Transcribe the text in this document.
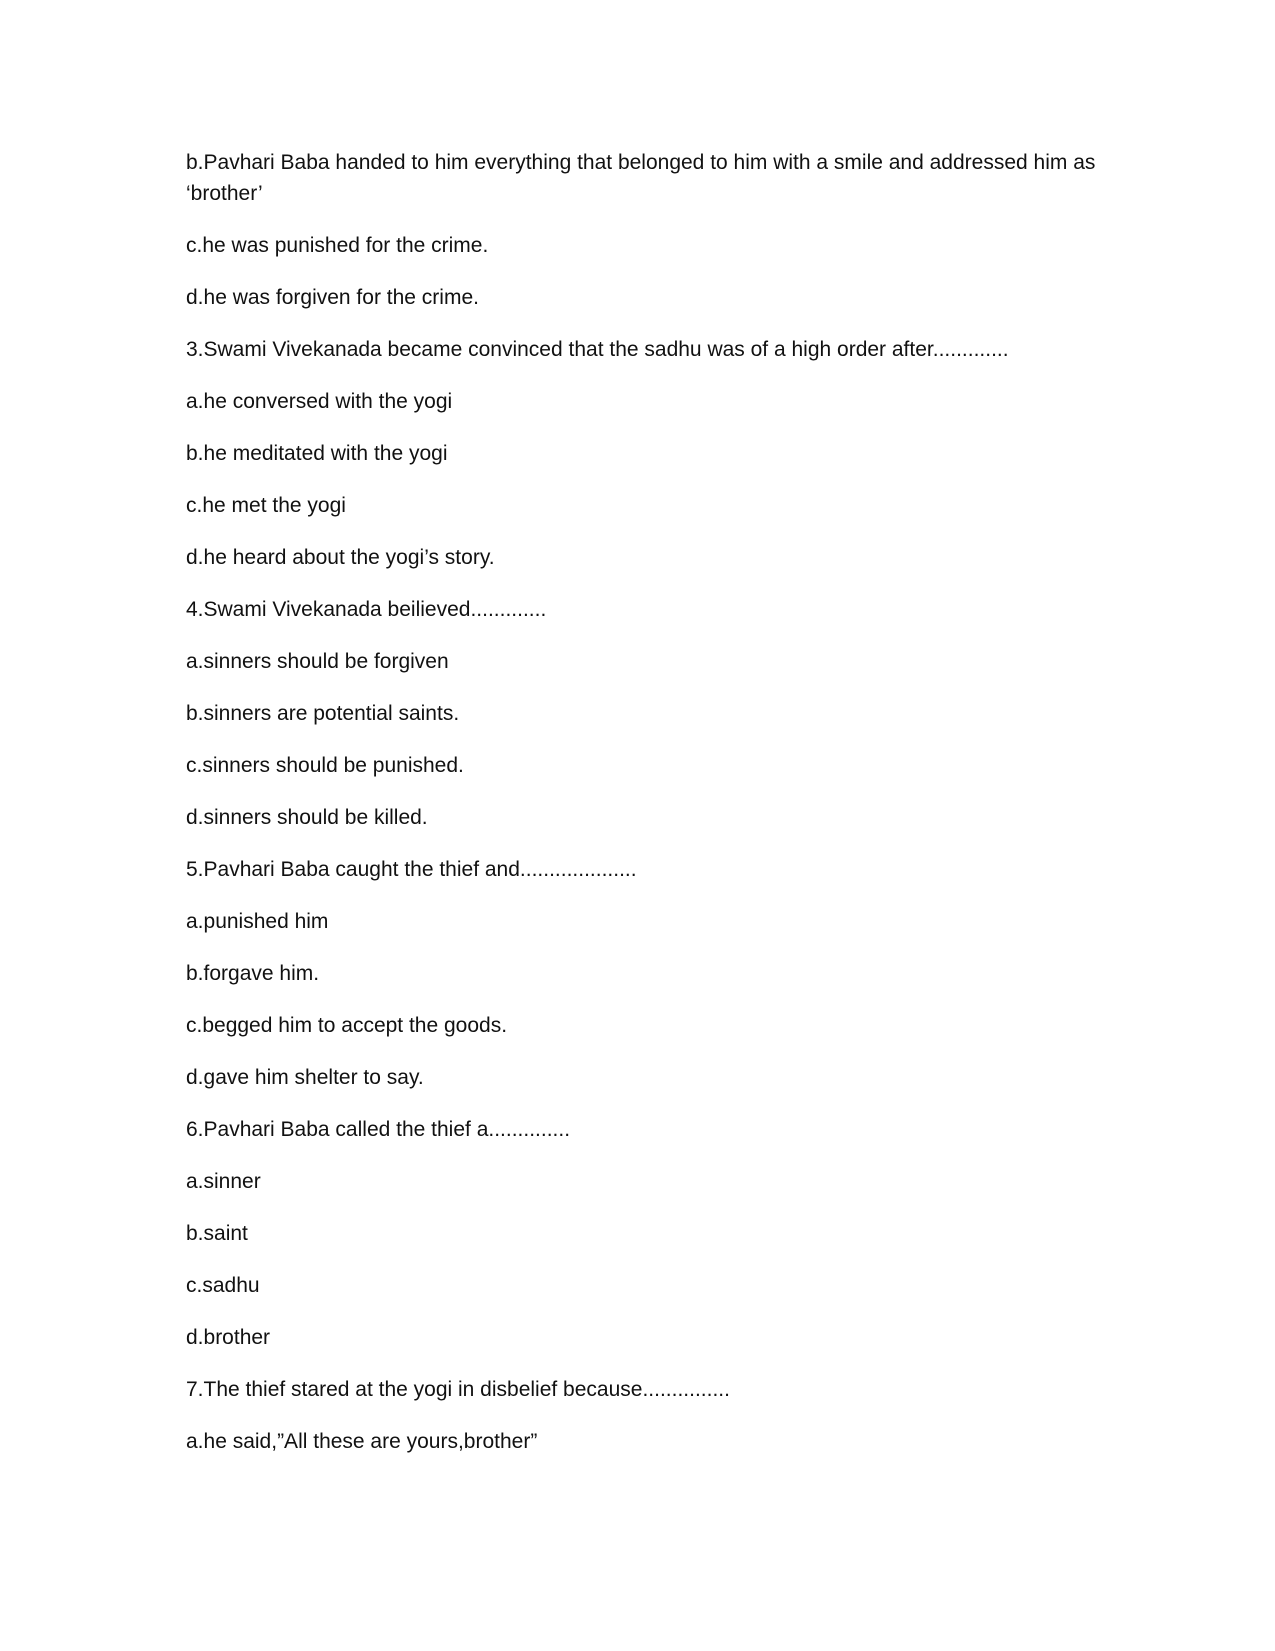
b.Pavhari Baba handed to him everything that belonged to him with a smile and addressed him as ‘brother’

c.he was punished for the crime.

d.he was forgiven for the crime.

3.Swami Vivekanada became convinced that the sadhu was of a high order after.............

a.he conversed with the yogi

b.he meditated with the yogi

c.he met the yogi

d.he heard about the yogi’s story.

4.Swami Vivekanada beilieved.............

a.sinners should be forgiven

b.sinners are potential saints.

c.sinners should be punished.

d.sinners should be killed.

5.Pavhari Baba caught the thief and....................

a.punished him

b.forgave him.

c.begged him to accept the goods.

d.gave him shelter to say.

6.Pavhari Baba called the thief a..............

a.sinner

b.saint

c.sadhu

d.brother

7.The thief stared at the yogi in disbelief because...............

a.he said,”All these are yours,brother”
